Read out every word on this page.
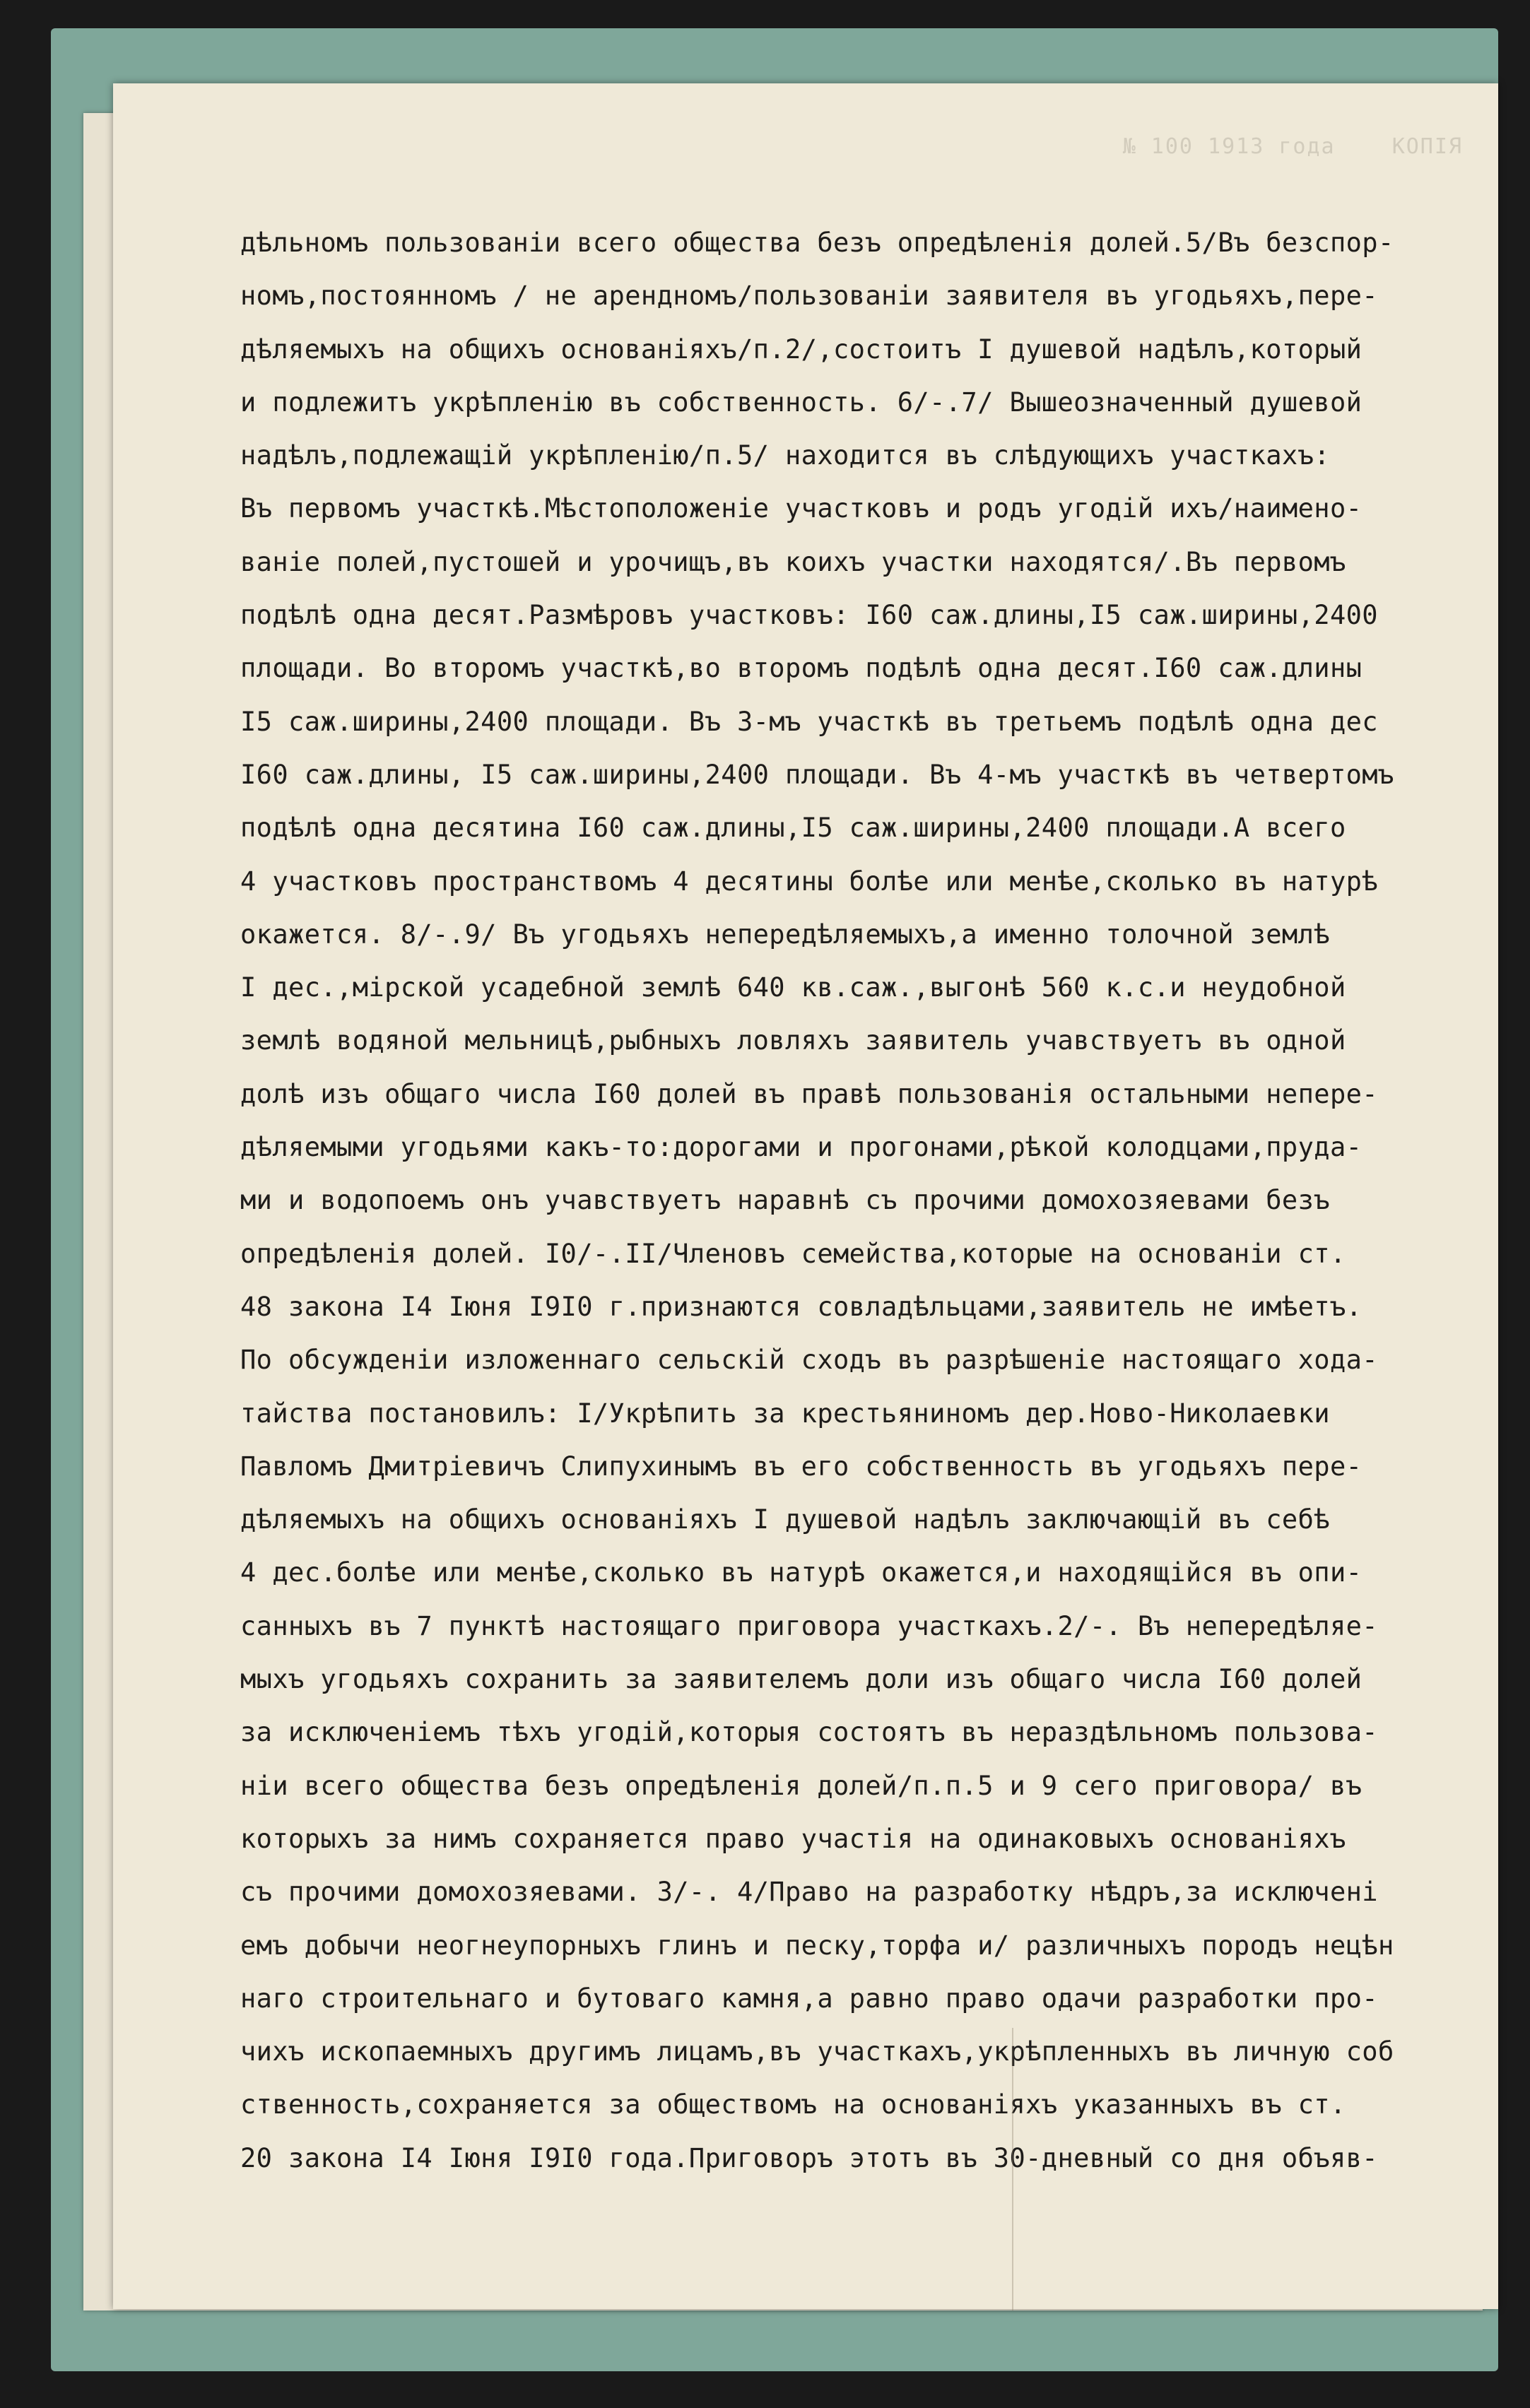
№ 100 1913 года	КОПІЯ
дѣльномъ пользованіи всего общества безъ опредѣленія долей.5/Въ безспор-
номъ,постоянномъ / не арендномъ/пользованіи заявителя въ угодьяхъ,пере-
дѣляемыхъ на общихъ основаніяхъ/п.2/,состоитъ I душевой надѣлъ,который
и подлежитъ укрѣпленію въ собственность. 6/-.7/ Вышеозначенный душевой
надѣлъ,подлежащій укрѣпленію/п.5/ находится въ слѣдующихъ участкахъ:
Въ первомъ участкѣ.Мѣстоположеніе участковъ и родъ угодій ихъ/наимено-
ваніе полей,пустошей и урочищъ,въ коихъ участки находятся/.Въ первомъ
подѣлѣ одна десят.Размѣровъ участковъ: I60 саж.длины,I5 саж.ширины,2400
площади. Во второмъ участкѣ,во второмъ подѣлѣ одна десят.I60 саж.длины
I5 саж.ширины,2400 площади. Въ 3-мъ участкѣ въ третьемъ подѣлѣ одна дес
I60 саж.длины, I5 саж.ширины,2400 площади. Въ 4-мъ участкѣ въ четвертомъ
подѣлѣ одна десятина I60 саж.длины,I5 саж.ширины,2400 площади.А всего
4 участковъ пространствомъ 4 десятины болѣе или менѣе,сколько въ натурѣ
окажется. 8/-.9/ Въ угодьяхъ непередѣляемыхъ,а именно толочной землѣ
I дес.,мірской усадебной землѣ 640 кв.саж.,выгонѣ 560 к.с.и неудобной
землѣ водяной мельницѣ,рыбныхъ ловляхъ заявитель учавствуетъ въ одной
долѣ изъ общаго числа I60 долей въ правѣ пользованія остальными непере-
дѣляемыми угодьями какъ-то:дорогами и прогонами,рѣкой колодцами,пруда-
ми и водопоемъ онъ учавствуетъ наравнѣ съ прочими домохозяевами безъ
опредѣленія долей. I0/-.II/Членовъ семейства,которые на основаніи ст.
48 закона I4 Іюня I9I0 г.признаются совладѣльцами,заявитель не имѣетъ.
По обсужденіи изложеннаго сельскій сходъ въ разрѣшеніе настоящаго хода-
тайства постановилъ: I/Укрѣпить за крестьяниномъ дер.Ново-Николаевки
Павломъ Дмитріевичъ Слипухинымъ въ его собственность въ угодьяхъ пере-
дѣляемыхъ на общихъ основаніяхъ I душевой надѣлъ заключающій въ себѣ
4 дес.болѣе или менѣе,сколько въ натурѣ окажется,и находящійся въ опи-
санныхъ въ 7 пунктѣ настоящаго приговора участкахъ.2/-. Въ непередѣляе-
мыхъ угодьяхъ сохранить за заявителемъ доли изъ общаго числа I60 долей
за исключеніемъ тѣхъ угодій,которыя состоятъ въ нераздѣльномъ пользова-
ніи всего общества безъ опредѣленія долей/п.п.5 и 9 сего приговора/ въ
которыхъ за нимъ сохраняется право участія на одинаковыхъ основаніяхъ
съ прочими домохозяевами. 3/-. 4/Право на разработку нѣдръ,за исключені
емъ добычи неогнеупорныхъ глинъ и песку,торфа и/ различныхъ породъ нецѣн
наго строительнаго и бутоваго камня,а равно право одачи разработки про-
чихъ ископаемныхъ другимъ лицамъ,въ участкахъ,укрѣпленныхъ въ личную соб
ственность,сохраняется за обществомъ на основаніяхъ указанныхъ въ ст.
20 закона I4 Іюня I9I0 года.Приговоръ этотъ въ 30-дневный со дня объяв-
